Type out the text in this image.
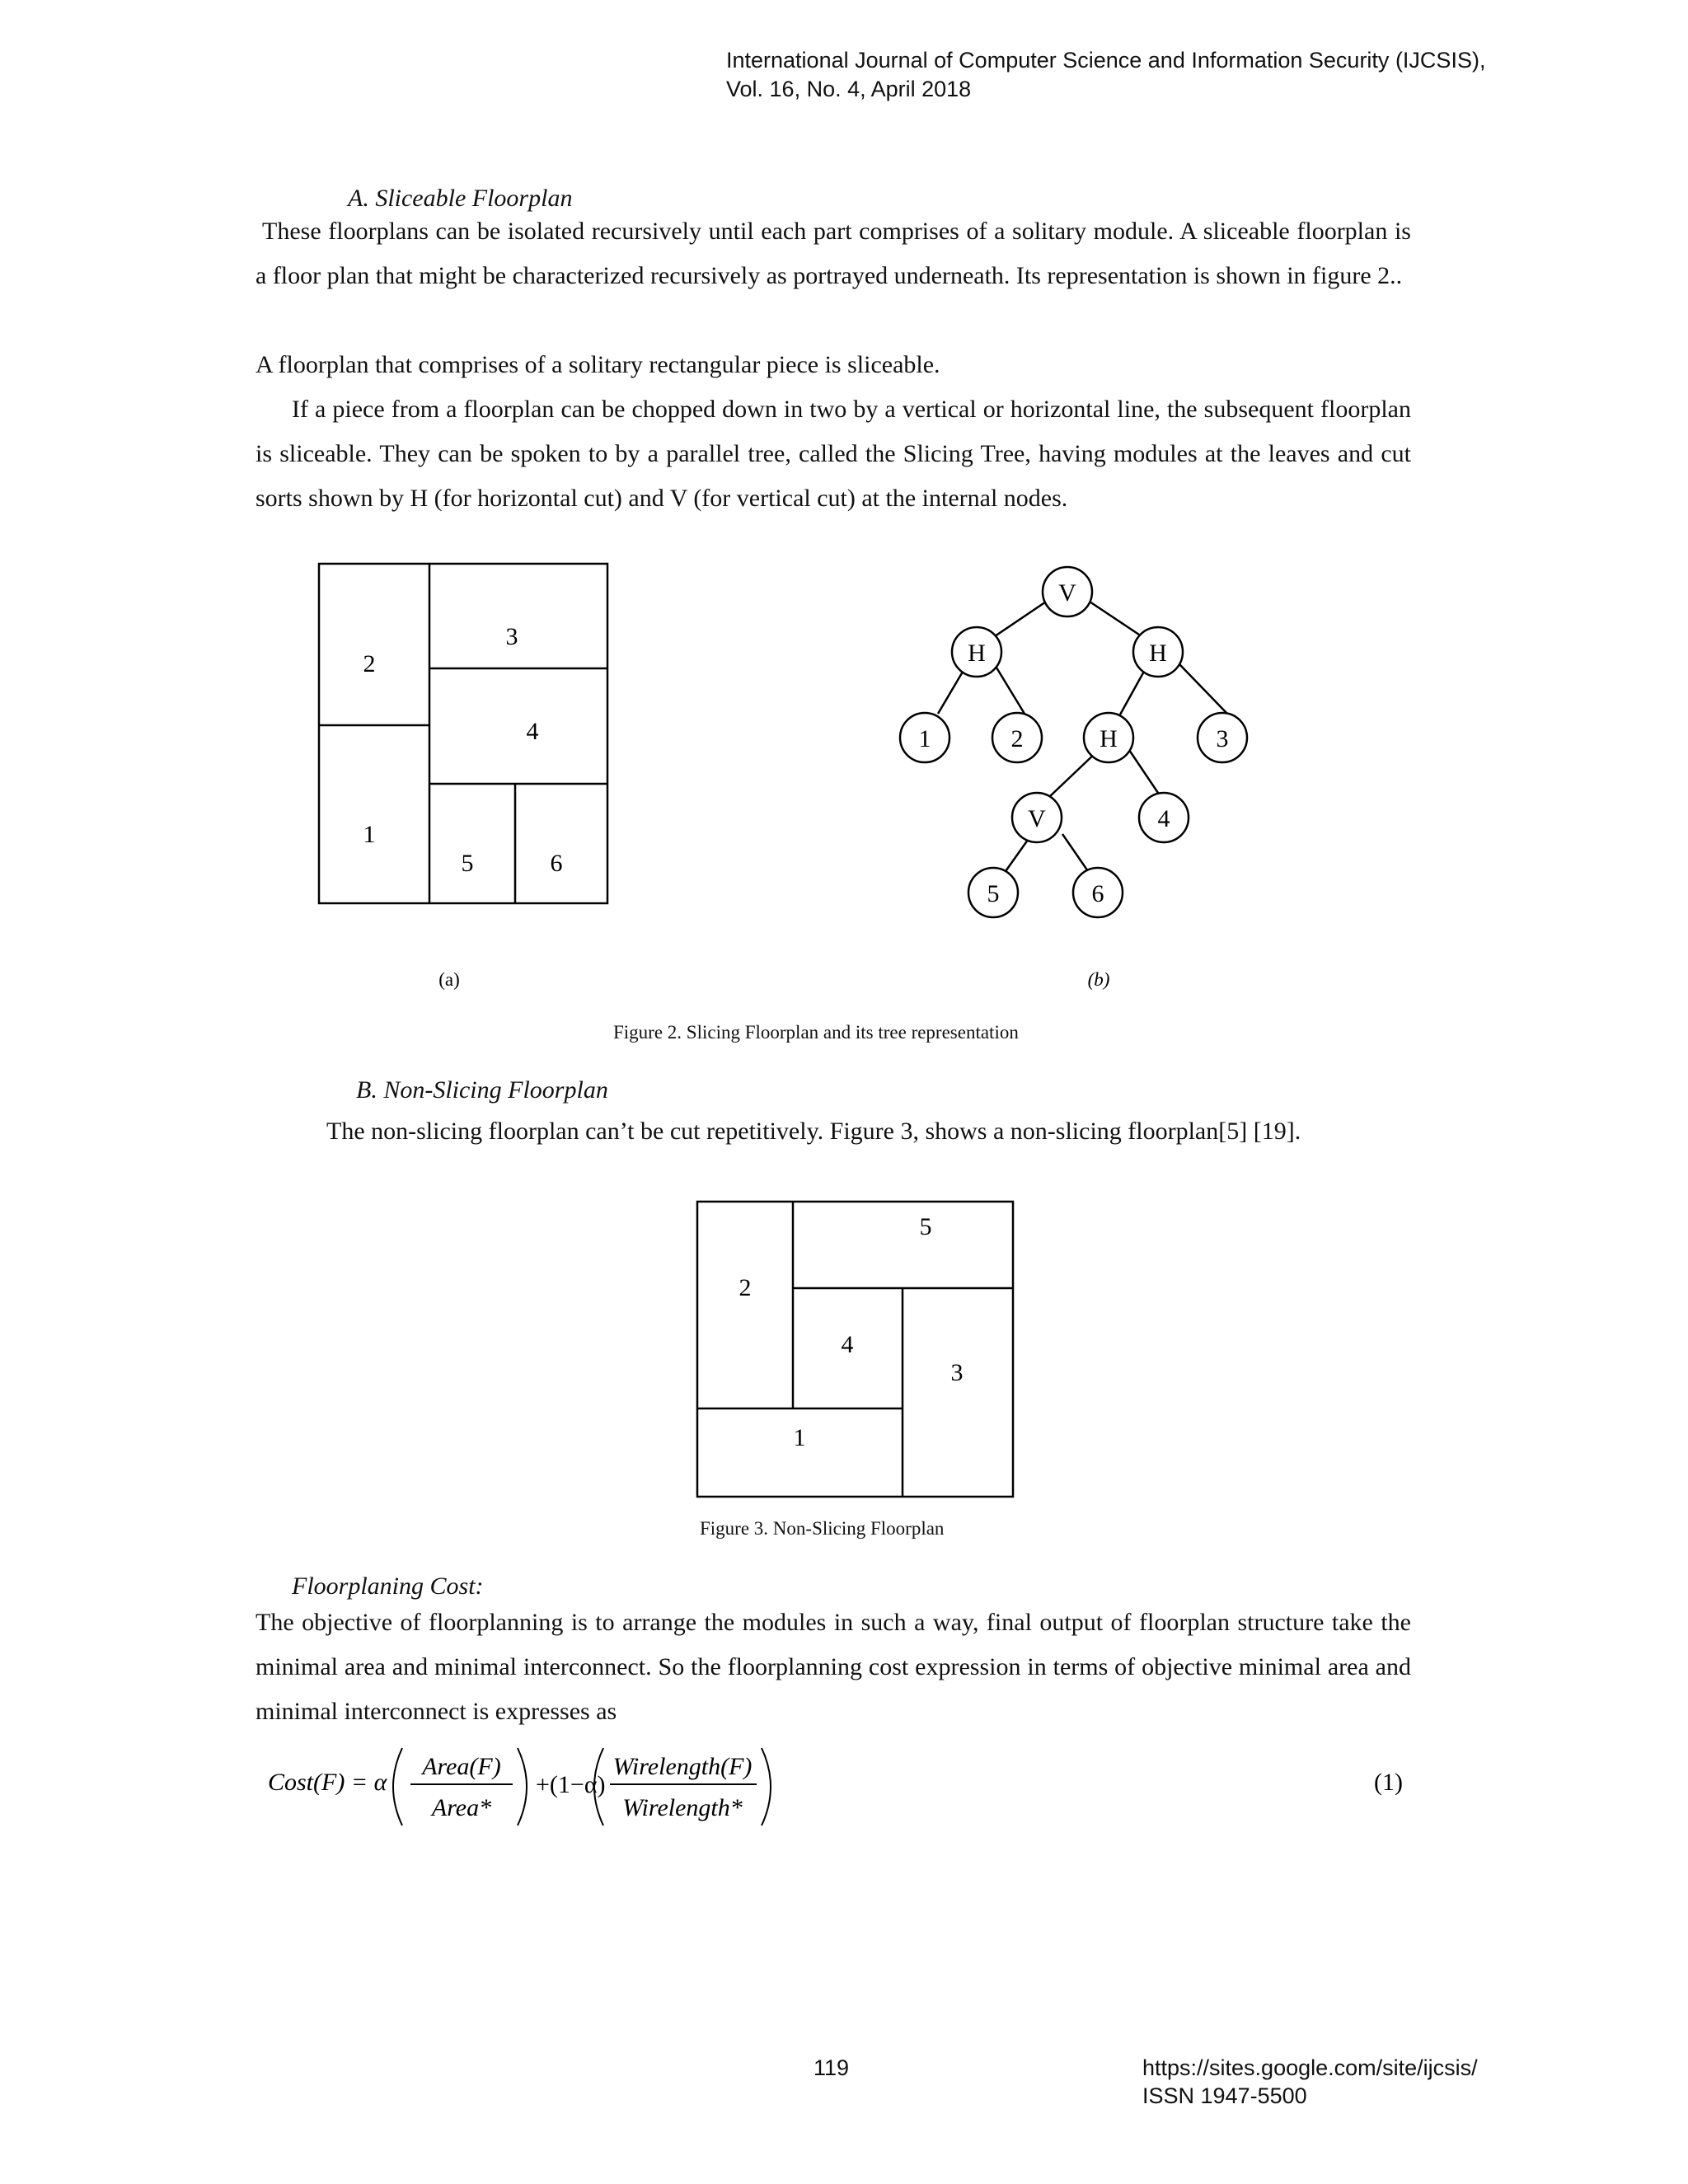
International Journal of Computer Science and Information Security (IJCSIS),
Vol. 16, No. 4, April 2018
A. Sliceable Floorplan
These floorplans can be isolated recursively until each part comprises of a solitary module. A sliceable floorplan is a floor plan that might be characterized recursively as portrayed underneath. Its representation is shown in figure 2..
A floorplan that comprises of a solitary rectangular piece is sliceable.
If a piece from a floorplan can be chopped down in two by a vertical or horizontal line, the subsequent floorplan is sliceable. They can be spoken to by a parallel tree, called the Slicing Tree, having modules at the leaves and cut sorts shown by H (for horizontal cut) and V (for vertical cut) at the internal nodes.
2
3
4
1
5	6
V
H	H
1	2	H	3
V	4
5	6
(a)	(b)
5
2
4
3
1
Figure 2. Slicing Floorplan and its tree representation
B. Non-Slicing Floorplan
The non-slicing floorplan can’t be cut repetitively. Figure 3, shows a non-slicing floorplan[5] [19].
Figure 3. Non-Slicing Floorplan
Floorplaning Cost:
The objective of floorplanning is to arrange the modules in such a way, final output of floorplan structure take the minimal area and minimal interconnect. So the floorplanning cost expression in terms of objective minimal area and minimal interconnect is expresses as
Cost(F) = α
Area(F)
Area*
+(1−α)
Wirelength(F)
Wirelength*
(1)
119	https://sites.google.com/site/ijcsis/
ISSN 1947-5500
